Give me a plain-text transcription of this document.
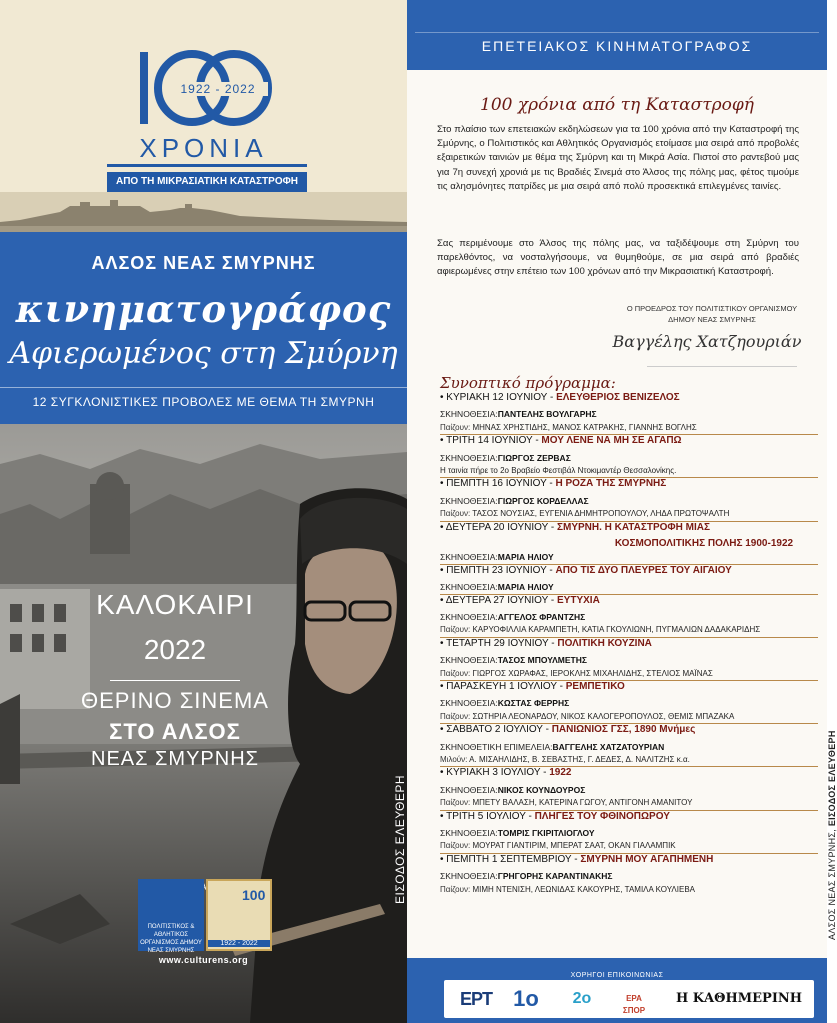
1922 - 2022
ΧΡΟΝΙΑ
ΑΠΟ ΤΗ ΜΙΚΡΑΣΙΑΤΙΚΗ ΚΑΤΑΣΤΡΟΦΗ
ΑΛΣΟΣ ΝΕΑΣ ΣΜΥΡΝΗΣ
κινηματογράφος
Αφιερωμένος στη Σμύρνη
12 ΣΥΓΚΛΟΝΙΣΤΙΚΕΣ ΠΡΟΒΟΛΕΣ ΜΕ ΘΕΜΑ ΤΗ ΣΜΥΡΝΗ
ΚΑΛΟΚΑΙΡΙ
2022
ΘΕΡΙΝΟ ΣΙΝΕΜΑ
ΣΤΟ ΑΛΣΟΣ
ΝΕΑΣ ΣΜΥΡΝΗΣ
ΕΙΣΟΔΟΣ ΕΛΕΥΘΕΡΗ
ΠΟΛΙΤΙΣΤΙΚΟΣ & ΑΘΛΗΤΙΚΟΣ ΟΡΓΑΝΙΣΜΟΣ ΔΗΜΟΥ ΝΕΑΣ ΣΜΥΡΝΗΣ
100
1922 - 2022
www.culturens.org
ΕΠΕΤΕΙΑΚΟΣ ΚΙΝΗΜΑΤΟΓΡΑΦΟΣ
100 χρόνια από τη Καταστροφή

Στο πλαίσιο των επετειακών εκδηλώσεων για τα 100 χρόνια από την Καταστροφή της Σμύρνης, ο Πολιτιστικός και Αθλητικός Οργανισμός ετοίμασε μια σειρά από προβολές εξαιρετικών ταινιών με θέμα της Σμύρνη και τη Μικρά Ασία. Πιστοί στο ραντεβού μας για 7η συνεχή χρονιά με τις Βραδιές Σινεμά στο Άλσος της πόλης μας, φέτος τιμούμε τις αλησμόνητες πατρίδες με μια σειρά από πολύ προσεκτικά επιλεγμένες ταινίες.

Σας περιμένουμε στο Άλσος της πόλης μας, να ταξιδέψουμε στη Σμύρνη του παρελθόντος, να νοσταλγήσουμε, να θυμηθούμε, σε μια σειρά από βραδιές αφιερωμένες στην επέτειο των 100 χρόνων από την Μικρασιατική Καταστροφή.

Ο ΠΡΟΕΔΡΟΣ ΤΟΥ ΠΟΛΙΤΙΣΤΙΚΟΥ ΟΡΓΑΝΙΣΜΟΥ
ΔΗΜΟΥ ΝΕΑΣ ΣΜΥΡΝΗΣ
Βαγγέλης Χατζηουριάν
Συνοπτικό πρόγραμμα:
• ΚΥΡΙΑΚΗ 12 ΙΟΥΝΙΟΥ - ΕΛΕΥΘΕΡΙΟΣ ΒΕΝΙΖΕΛΟΣ
ΣΚΗΝΟΘΕΣΙΑ:ΠΑΝΤΕΛΗΣ ΒΟΥΛΓΑΡΗΣ
Παίζουν: ΜΗΝΑΣ ΧΡΗΣΤΙΔΗΣ, ΜΑΝΟΣ ΚΑΤΡΑΚΗΣ, ΓΙΑΝΝΗΣ ΒΟΓΛΗΣ
• ΤΡΙΤΗ 14 ΙΟΥΝΙΟΥ - ΜΟΥ ΛΕΝΕ ΝΑ ΜΗ ΣΕ ΑΓΑΠΩ
ΣΚΗΝΟΘΕΣΙΑ:ΓΙΩΡΓΟΣ ΖΕΡΒΑΣ
Η ταινία πήρε το 2ο Βραβείο Φεστιβάλ Ντοκιμαντέρ Θεσσαλονίκης.
• ΠΕΜΠΤΗ 16 ΙΟΥΝΙΟΥ - Η ΡΟΖΑ ΤΗΣ ΣΜΥΡΝΗΣ
ΣΚΗΝΟΘΕΣΙΑ:ΓΙΩΡΓΟΣ ΚΟΡΔΕΛΛΑΣ
Παίζουν: ΤΑΣΟΣ ΝΟΥΣΙΑΣ, ΕΥΓΕΝΙΑ ΔΗΜΗΤΡΟΠΟΥΛΟΥ, ΛΗΔΑ ΠΡΩΤΟΨΑΛΤΗ
• ΔΕΥΤΕΡΑ 20 ΙΟΥΝΙΟΥ - ΣΜΥΡΝΗ. Η ΚΑΤΑΣΤΡΟΦΗ ΜΙΑΣ
ΚΟΣΜΟΠΟΛΙΤΙΚΗΣ ΠΟΛΗΣ 1900-1922
ΣΚΗΝΟΘΕΣΙΑ:ΜΑΡΙΑ ΗΛΙΟΥ
• ΠΕΜΠΤΗ 23 ΙΟΥΝΙΟΥ - ΑΠΟ ΤΙΣ ΔΥΟ ΠΛΕΥΡΕΣ ΤΟΥ ΑΙΓΑΙΟΥ
ΣΚΗΝΟΘΕΣΙΑ:ΜΑΡΙΑ ΗΛΙΟΥ
• ΔΕΥΤΕΡΑ 27 ΙΟΥΝΙΟΥ - ΕΥΤΥΧΙΑ
ΣΚΗΝΟΘΕΣΙΑ:ΑΓΓΕΛΟΣ ΦΡΑΝΤΖΗΣ
Παίζουν: ΚΑΡΥΟΦΙΛΛΙΑ ΚΑΡΑΜΠΕΤΗ, ΚΑΤΙΑ ΓΚΟΥΛΙΩΝΗ, ΠΥΓΜΑΛΙΩΝ ΔΑΔΑΚΑΡΙΔΗΣ
• ΤΕΤΑΡΤΗ 29 ΙΟΥΝΙΟΥ - ΠΟΛΙΤΙΚΗ ΚΟΥΖΙΝΑ
ΣΚΗΝΟΘΕΣΙΑ:ΤΑΣΟΣ ΜΠΟΥΛΜΕΤΗΣ
Παίζουν: ΓΙΩΡΓΟΣ ΧΩΡΑΦΑΣ, ΙΕΡΟΚΛΗΣ ΜΙΧΑΗΛΙΔΗΣ, ΣΤΕΛΙΟΣ ΜΑΪΝΑΣ
• ΠΑΡΑΣΚΕΥΗ 1 ΙΟΥΛΙΟΥ - ΡΕΜΠΕΤΙΚΟ
ΣΚΗΝΟΘΕΣΙΑ:ΚΩΣΤΑΣ ΦΕΡΡΗΣ
Παίζουν: ΣΩΤΗΡΙΑ ΛΕΟΝΑΡΔΟΥ, ΝΙΚΟΣ ΚΑΛΟΓΕΡΟΠΟΥΛΟΣ, ΘΕΜΙΣ ΜΠΑΖΑΚΑ
• ΣΑΒΒΑΤΟ 2 ΙΟΥΛΙΟΥ - ΠΑΝΙΩΝΙΟΣ ΓΣΣ, 1890 Μνήμες
ΣΚΗΝΟΘΕΤΙΚΗ ΕΠΙΜΕΛΕΙΑ:ΒΑΓΓΕΛΗΣ ΧΑΤΖΑΤΟΥΡΙΑΝ
Μιλούν: Α. ΜΙΣΑΗΛΙΔΗΣ, Β. ΣΕΒΑΣΤΗΣ, Γ. ΔΕΔΕΣ, Δ. ΝΑΛΙΤΖΗΣ κ.α.
• ΚΥΡΙΑΚΗ 3 ΙΟΥΛΙΟΥ - 1922
ΣΚΗΝΟΘΕΣΙΑ:ΝΙΚΟΣ ΚΟΥΝΔΟΥΡΟΣ
Παίζουν: ΜΠΕΤΥ ΒΑΛΑΣΗ, ΚΑΤΕΡΙΝΑ ΓΩΓΟΥ, ΑΝΤΙΓΟΝΗ ΑΜΑΝΙΤΟΥ
• ΤΡΙΤΗ 5 ΙΟΥΛΙΟΥ - ΠΛΗΓΕΣ ΤΟΥ ΦΘΙΝΟΠΩΡΟΥ
ΣΚΗΝΟΘΕΣΙΑ:ΤΟΜΡΙΣ ΓΚΙΡΙΤΛΙΟΓΛΟΥ
Παίζουν: ΜΟΥΡΑΤ ΓΙΑΝΤΙΡΙΜ, ΜΠΕΡΑΤ ΣΑΑΤ, ΟΚΑΝ ΓΙΑΛΑΜΠΙΚ
• ΠΕΜΠΤΗ 1 ΣΕΠΤΕΜΒΡΙΟΥ - ΣΜΥΡΝΗ ΜΟΥ ΑΓΑΠΗΜΕΝΗ
ΣΚΗΝΟΘΕΣΙΑ:ΓΡΗΓΟΡΗΣ ΚΑΡΑΝΤΙΝΑΚΗΣ
Παίζουν: ΜΙΜΗ ΝΤΕΝΙΣΗ, ΛΕΩΝΙΔΑΣ ΚΑΚΟΥΡΗΣ, ΤΑΜΙΛΑ ΚΟΥΛΙΕΒΑ	ΑΛΣΟΣ ΝΕΑΣ ΣΜΥΡΝΗΣ, ΕΙΣΟΔΟΣ ΕΛΕΥΘΕΡΗ
ΧΟΡΗΓΟΙ ΕΠΙΚΟΙΝΩΝΙΑΣ
ΕΡΤ 1ο	2ο	ΕΡΑ ΣΠΟΡ
Η ΚΑΘΗΜΕΡΙΝΗ
